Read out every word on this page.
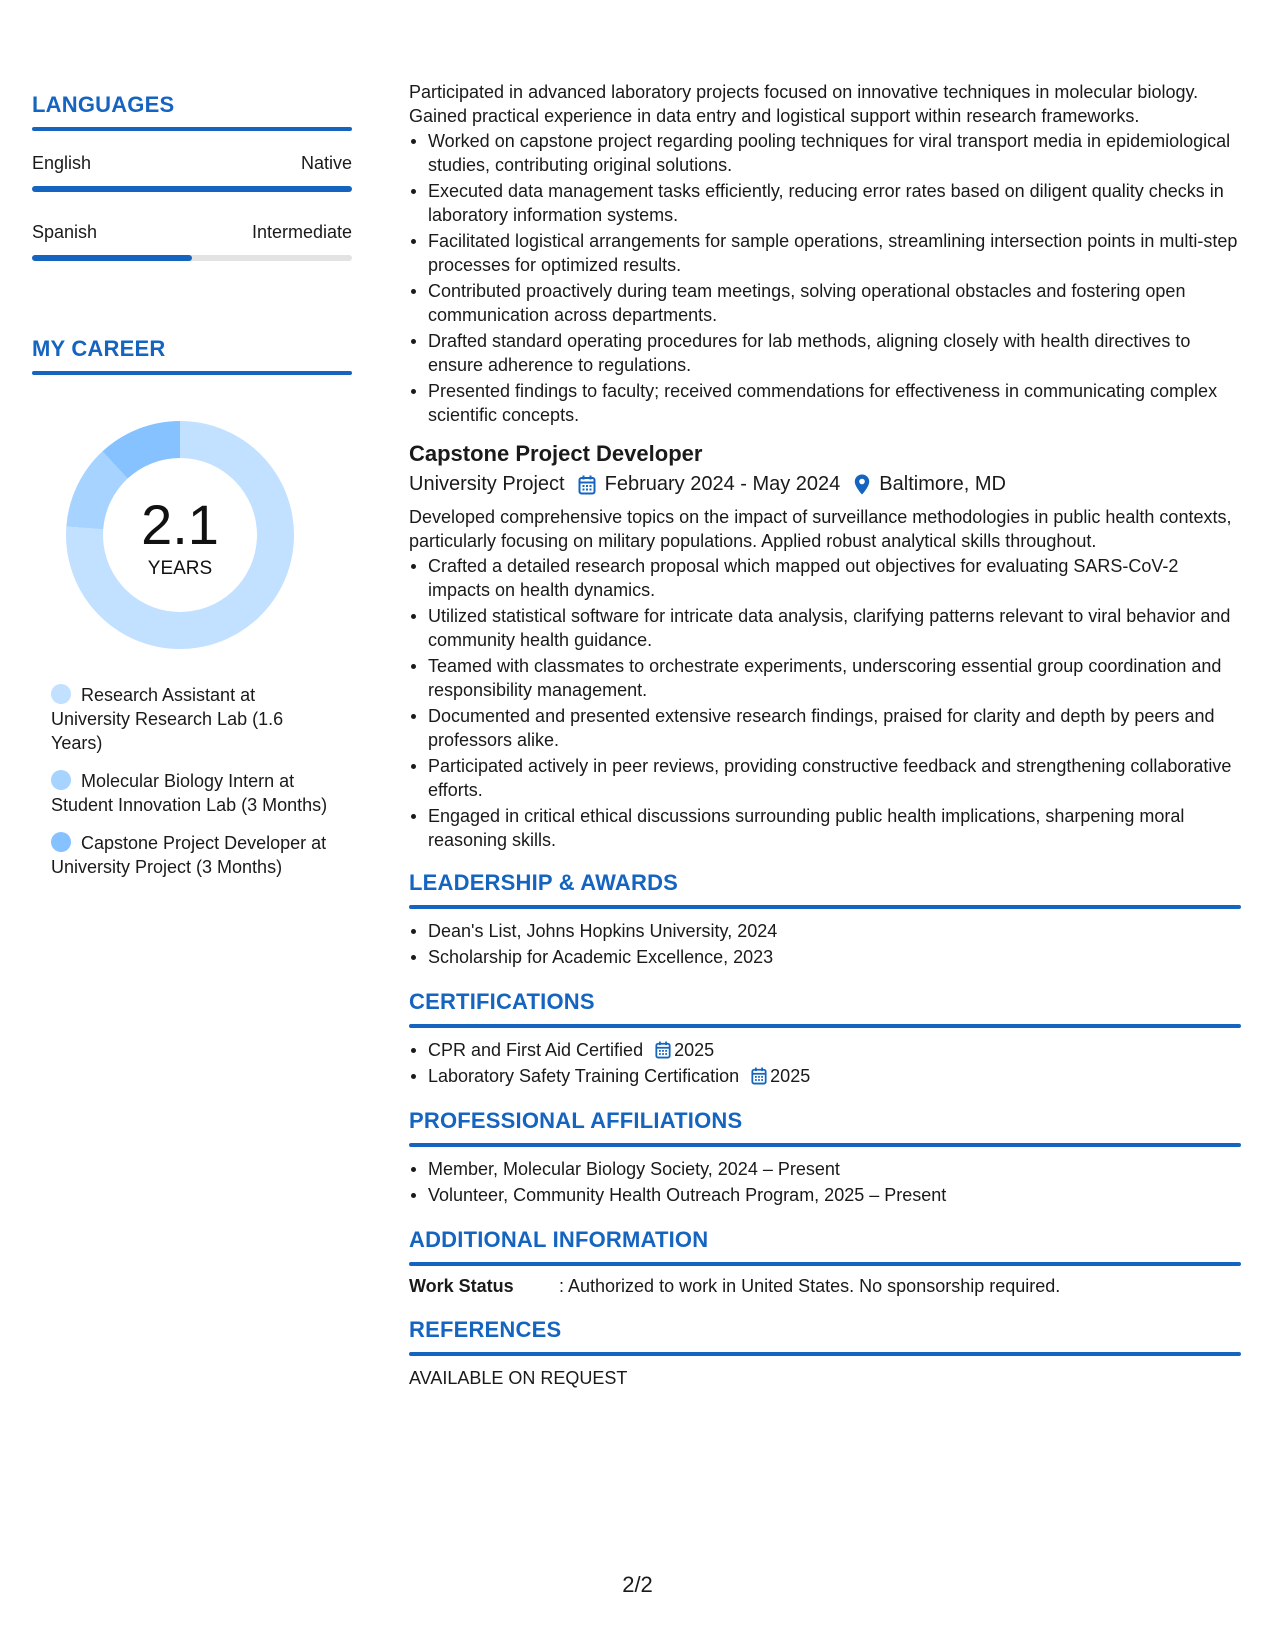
LANGUAGES
English	Native
Spanish	Intermediate
MY CAREER
2.1
YEARS
Research Assistant at University Research Lab (1.6 Years)
Molecular Biology Intern at Student Innovation Lab (3 Months)
Capstone Project Developer at University Project (3 Months)
Participated in advanced laboratory projects focused on innovative techniques in molecular biology. Gained practical experience in data entry and logistical support within research frameworks.
Worked on capstone project regarding pooling techniques for viral transport media in epidemiological studies, contributing original solutions.
Executed data management tasks efficiently, reducing error rates based on diligent quality checks in laboratory information systems.
Facilitated logistical arrangements for sample operations, streamlining intersection points in multi-step processes for optimized results.
Contributed proactively during team meetings, solving operational obstacles and fostering open communication across departments.
Drafted standard operating procedures for lab methods, aligning closely with health directives to ensure adherence to regulations.
Presented findings to faculty; received commendations for effectiveness in communicating complex scientific concepts.
Capstone Project Developer
University Project February 2024 - May 2024 Baltimore, MD
Developed comprehensive topics on the impact of surveillance methodologies in public health contexts, particularly focusing on military populations. Applied robust analytical skills throughout.
Crafted a detailed research proposal which mapped out objectives for evaluating SARS-CoV-2 impacts on health dynamics.
Utilized statistical software for intricate data analysis, clarifying patterns relevant to viral behavior and community health guidance.
Teamed with classmates to orchestrate experiments, underscoring essential group coordination and responsibility management.
Documented and presented extensive research findings, praised for clarity and depth by peers and professors alike.
Participated actively in peer reviews, providing constructive feedback and strengthening collaborative efforts.
Engaged in critical ethical discussions surrounding public health implications, sharpening moral reasoning skills.
LEADERSHIP & AWARDS
Dean's List, Johns Hopkins University, 2024
Scholarship for Academic Excellence, 2023
CERTIFICATIONS
CPR and First Aid Certified 2025
Laboratory Safety Training Certification 2025
PROFESSIONAL AFFILIATIONS
Member, Molecular Biology Society, 2024 – Present
Volunteer, Community Health Outreach Program, 2025 – Present
ADDITIONAL INFORMATION
Work Status	: Authorized to work in United States. No sponsorship required.
REFERENCES
AVAILABLE ON REQUEST
2/2
